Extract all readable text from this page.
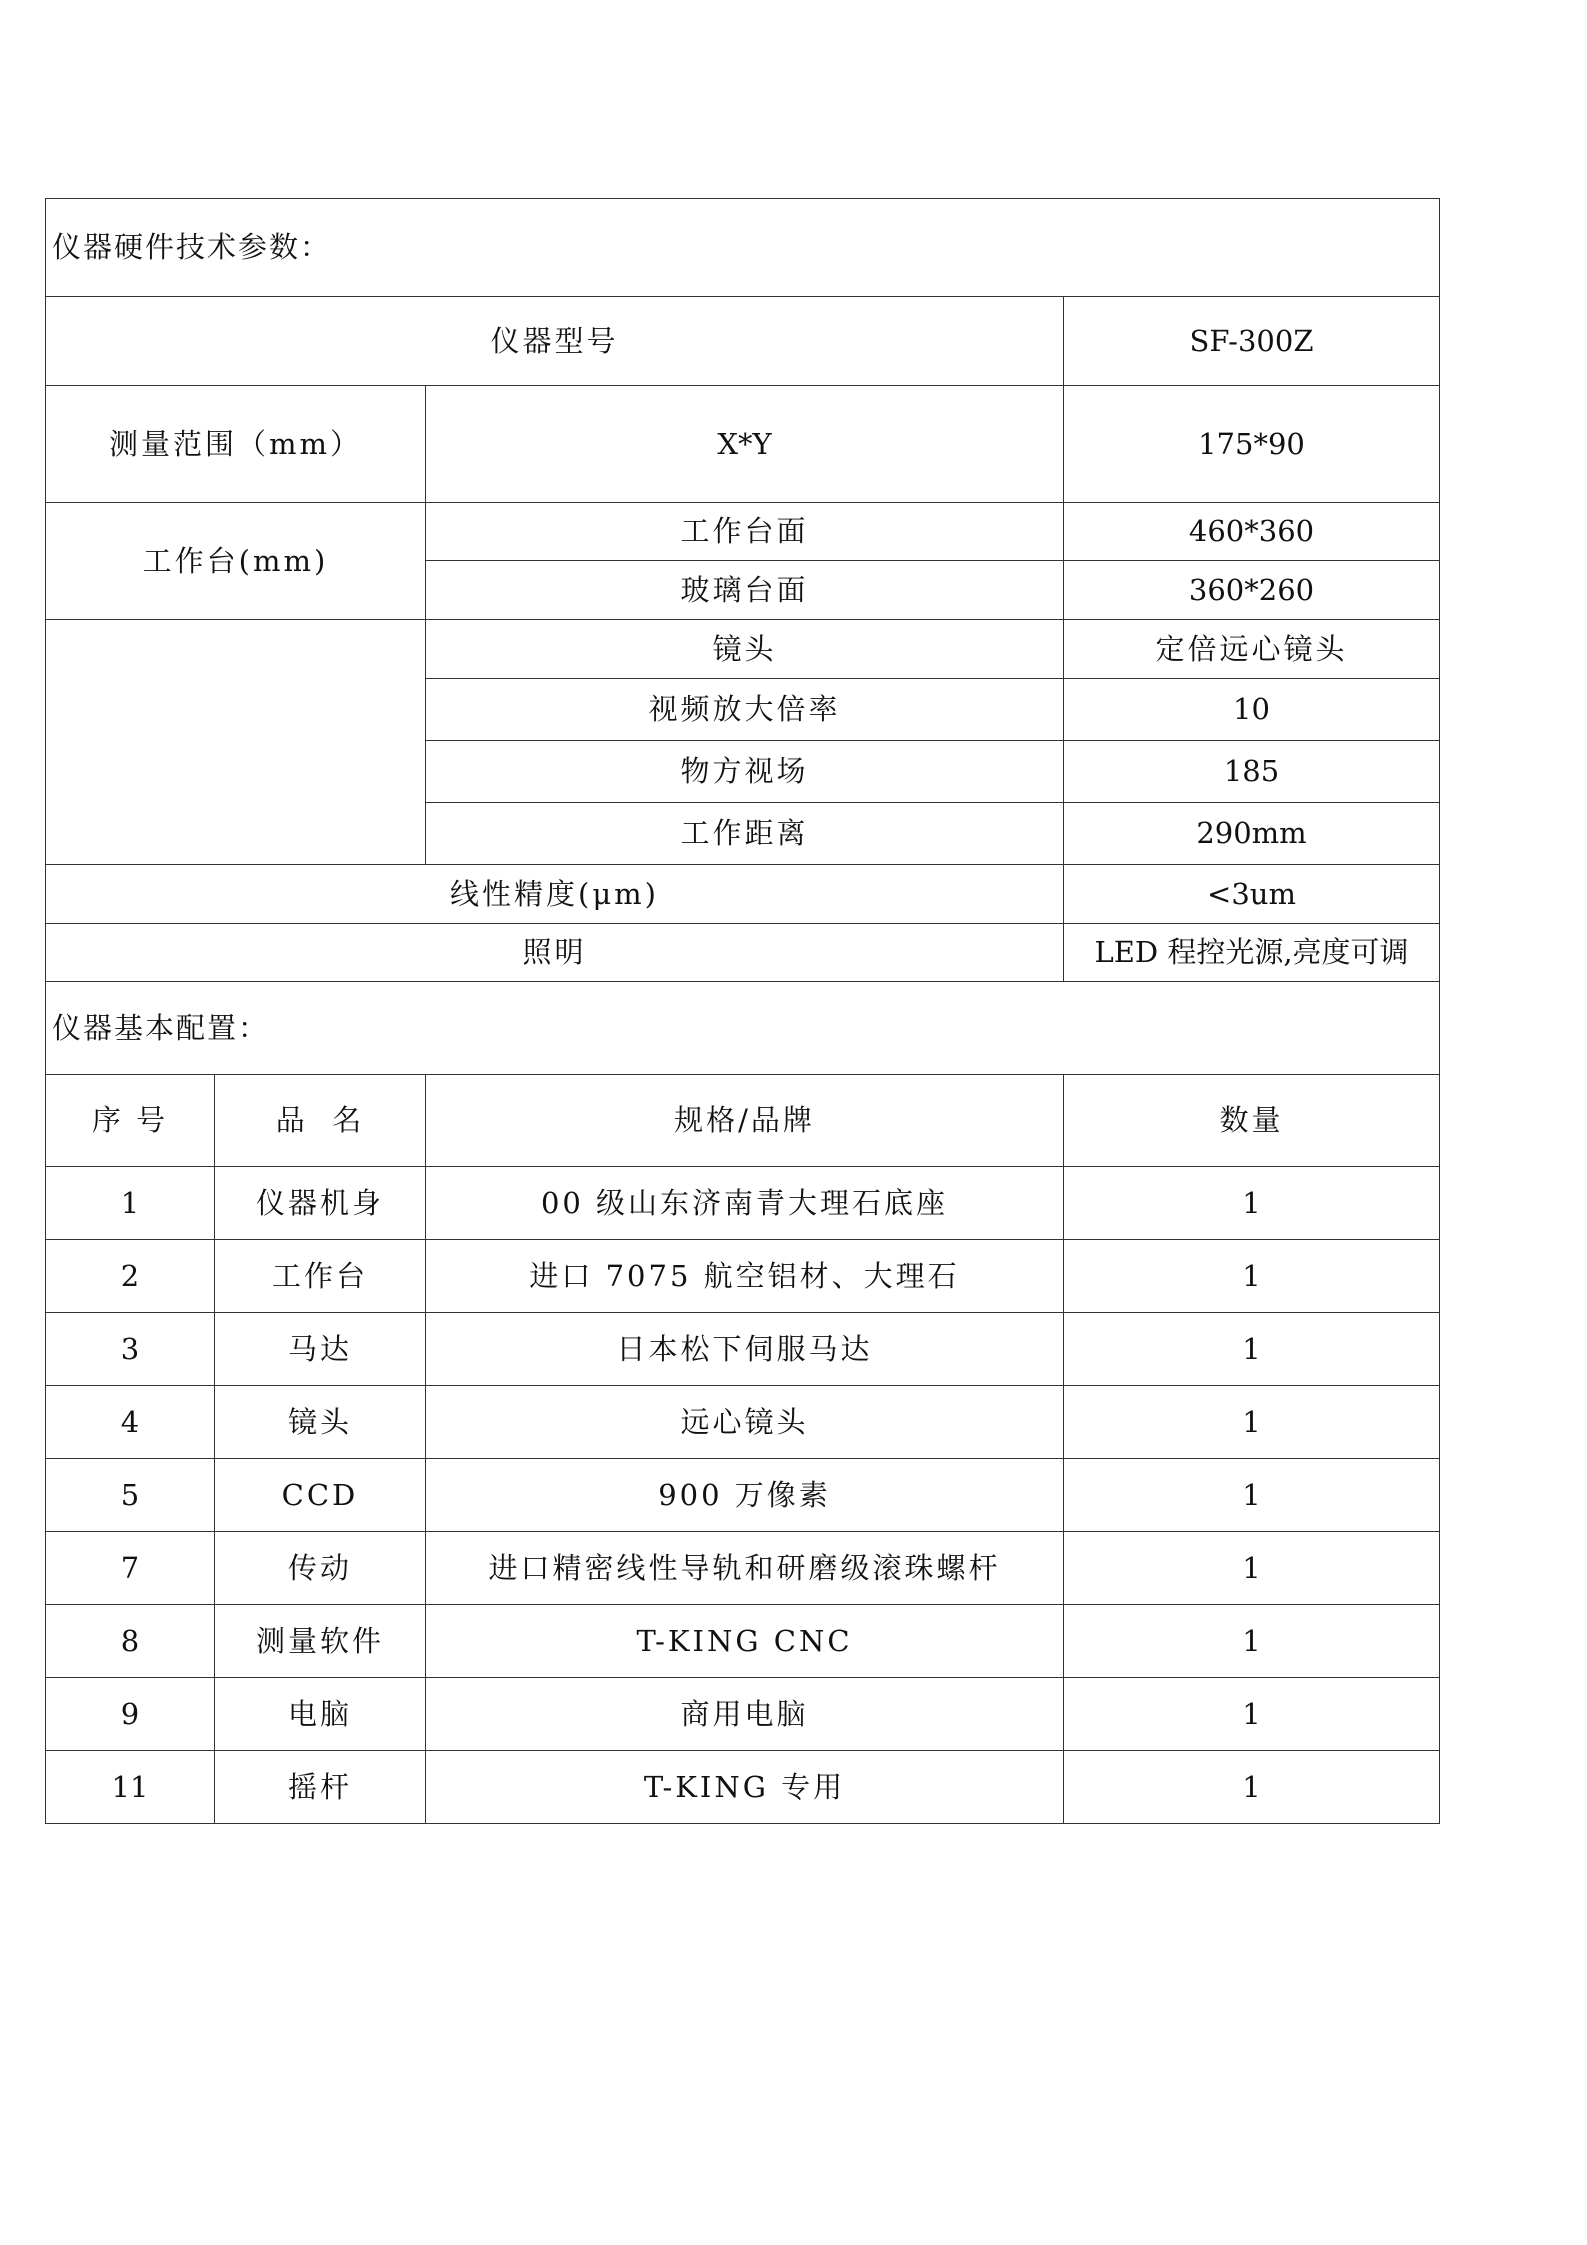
仪器硬件技术参数：			
仪器型号			SF-300Z
测量范围（mm）		X*Y	175*90
工作台(mm)		工作台面	460*360
		玻璃台面	360*260
		镜头	定倍远心镜头
		视频放大倍率	10
		物方视场	185
		工作距离	290mm
线性精度(μm)			<3um
照明			LED 程控光源,亮度可调
仪器基本配置：			
序 号	品  名	规格/品牌	数量
1	仪器机身	00 级山东济南青大理石底座	1
2	工作台	进口 7075 航空铝材、大理石	1
3	马达	日本松下伺服马达	1
4	镜头	远心镜头	1
5	CCD	900 万像素	1
7	传动	进口精密线性导轨和研磨级滚珠螺杆	1
8	测量软件	T-KING CNC	1
9	电脑	商用电脑	1
11	摇杆	T-KING 专用	1
